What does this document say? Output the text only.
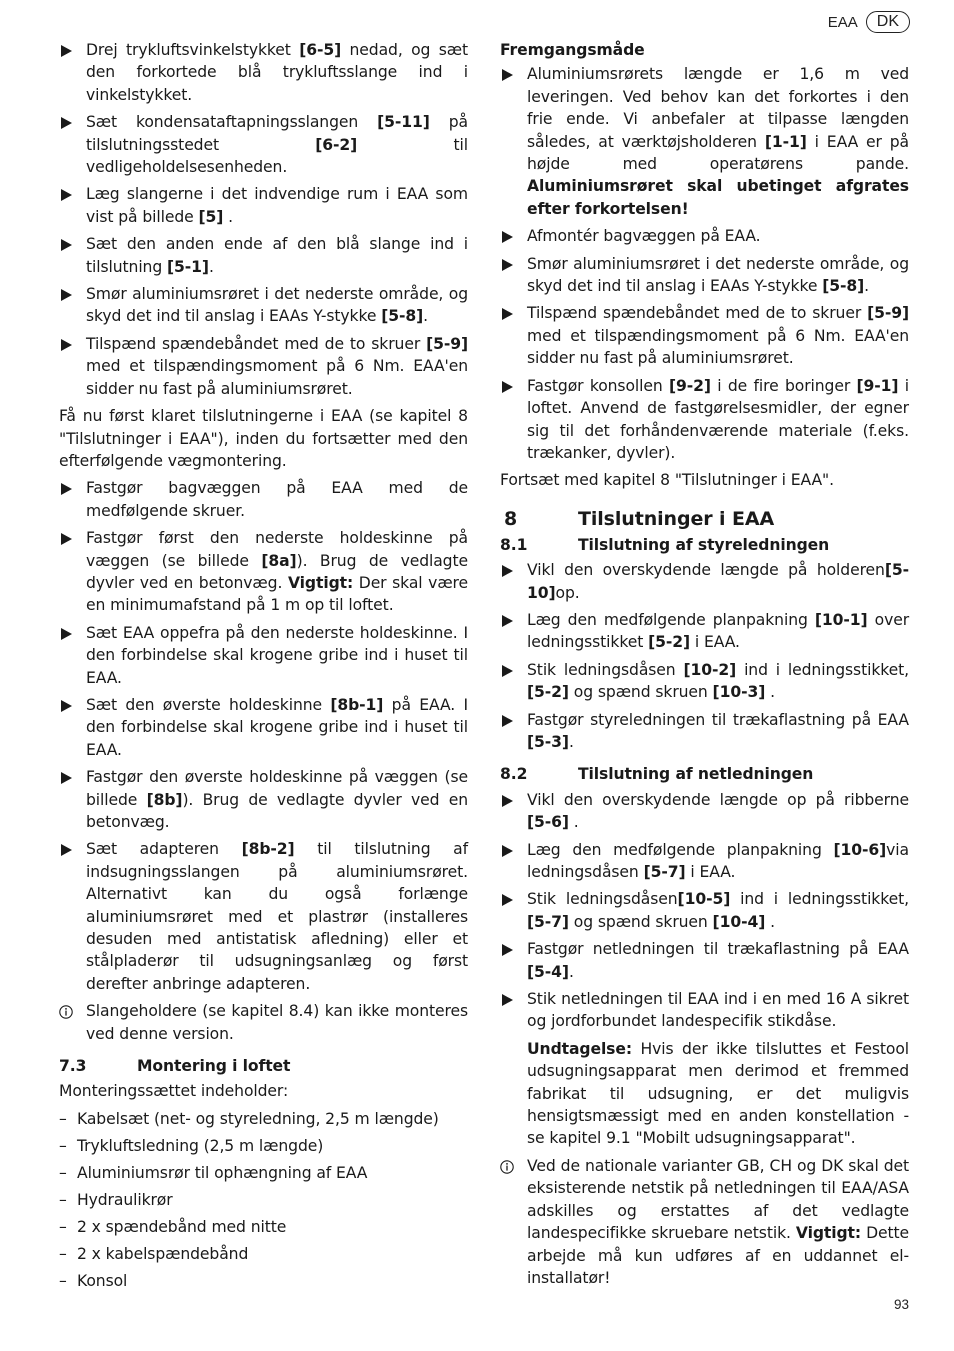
EAA	DK
Drej trykluftsvinkelstykket [6-5] nedad, og sæt den forkortede blå trykluftsslange ind i vinkelstykket.
Sæt kondensataftapningsslangen [5-11] på tilslutningsstedet [6-2] til vedligeholdelsesenheden.
Læg slangerne i det indvendige rum i EAA som vist på billede [5] .
Sæt den anden ende af den blå slange ind i tilslutning [5-1].
Smør aluminiumsrøret i det nederste område, og skyd det ind til anslag i EAAs Y-stykke [5-8].
Tilspænd spændebåndet med de to skruer [5-9] med et tilspændingsmoment på 6 Nm. EAA'en sidder nu fast på aluminiumsrøret.
Få nu først klaret tilslutningerne i EAA (se kapitel 8 "Tilslutninger i EAA"), inden du fortsætter med den efterfølgende vægmontering.
Fastgør bagvæggen på EAA med de medfølgende skruer.
Fastgør først den nederste holdeskinne på væggen (se billede [8a]). Brug de vedlagte dyvler ved en betonvæg. Vigtigt: Der skal være en minimumafstand på 1 m op til loftet.
Sæt EAA oppefra på den nederste holdeskinne. I den forbindelse skal krogene gribe ind i huset til EAA.
Sæt den øverste holdeskinne [8b-1] på EAA. I den forbindelse skal krogene gribe ind i huset til EAA.
Fastgør den øverste holdeskinne på væggen (se billede [8b]). Brug de vedlagte dyvler ved en betonvæg.
Sæt adapteren [8b-2] til tilslutning af indsugningsslangen på aluminiumsrøret. Alternativt kan du også forlænge aluminiumsrøret med et plastrør (installeres desuden med antistatisk afledning) eller et stålpladerør til udsugningsanlæg og først derefter anbringe adapteren.
Slangeholdere (se kapitel 8.4) kan ikke monteres ved denne version.
7.3	Montering i loftet
Monteringssættet indeholder:
– Kabelsæt (net- og styreledning, 2,5 m længde)
– Trykluftsledning (2,5 m længde)
– Aluminiumsrør til ophængning af EAA
– Hydraulikrør
– 2 x spændebånd med nitte
– 2 x kabelspændebånd
– Konsol
Fremgangsmåde
Aluminiumsrørets længde er 1,6 m ved leveringen. Ved behov kan det forkortes i den frie ende. Vi anbefaler at tilpasse længden således, at værktøjsholderen [1-1] i EAA er på højde med operatørens pande. Aluminiumsrøret skal ubetinget afgrates efter forkortelsen!
Afmontér bagvæggen på EAA.
Smør aluminiumsrøret i det nederste område, og skyd det ind til anslag i EAAs Y-stykke [5-8].
Tilspænd spændebåndet med de to skruer [5-9] med et tilspændingsmoment på 6 Nm. EAA'en sidder nu fast på aluminiumsrøret.
Fastgør konsollen [9-2] i de fire boringer [9-1] i loftet. Anvend de fastgørelsesmidler, der egner sig til det forhåndenværende materiale (f.eks. trækanker, dyvler).
Fortsæt med kapitel 8 "Tilslutninger i EAA".
8	Tilslutninger i EAA
8.1	Tilslutning af styreledningen
Vikl den overskydende længde på holderen[5-10]op.
Læg den medfølgende planpakning [10-1] over ledningsstikket [5-2] i EAA.
Stik ledningsdåsen [10-2] ind i ledningsstikket, [5-2] og spænd skruen [10-3] .
Fastgør styreledningen til trækaflastning på EAA [5-3].
8.2	Tilslutning af netledningen
Vikl den overskydende længde op på ribberne [5-6] .
Læg den medfølgende planpakning [10-6]via ledningsdåsen [5-7] i EAA.
Stik ledningsdåsen[10-5] ind i ledningsstikket, [5-7] og spænd skruen [10-4] .
Fastgør netledningen til trækaflastning på EAA [5-4].
Stik netledningen til EAA ind i en med 16 A sikret og jordforbundet landespecifik stikdåse.
Undtagelse: Hvis der ikke tilsluttes et Festool udsugningsapparat men derimod et fremmed fabrikat til udsugning, er det muligvis hensigtsmæssigt med en anden konstellation - se kapitel 9.1 "Mobilt udsugningsapparat".
Ved de nationale varianter GB, CH og DK skal det eksisterende netstik på netledningen til EAA/ASA adskilles og erstattes af det vedlagte landespecifikke skruebare netstik. Vigtigt: Dette arbejde må kun udføres af en uddannet el-installatør!
93
